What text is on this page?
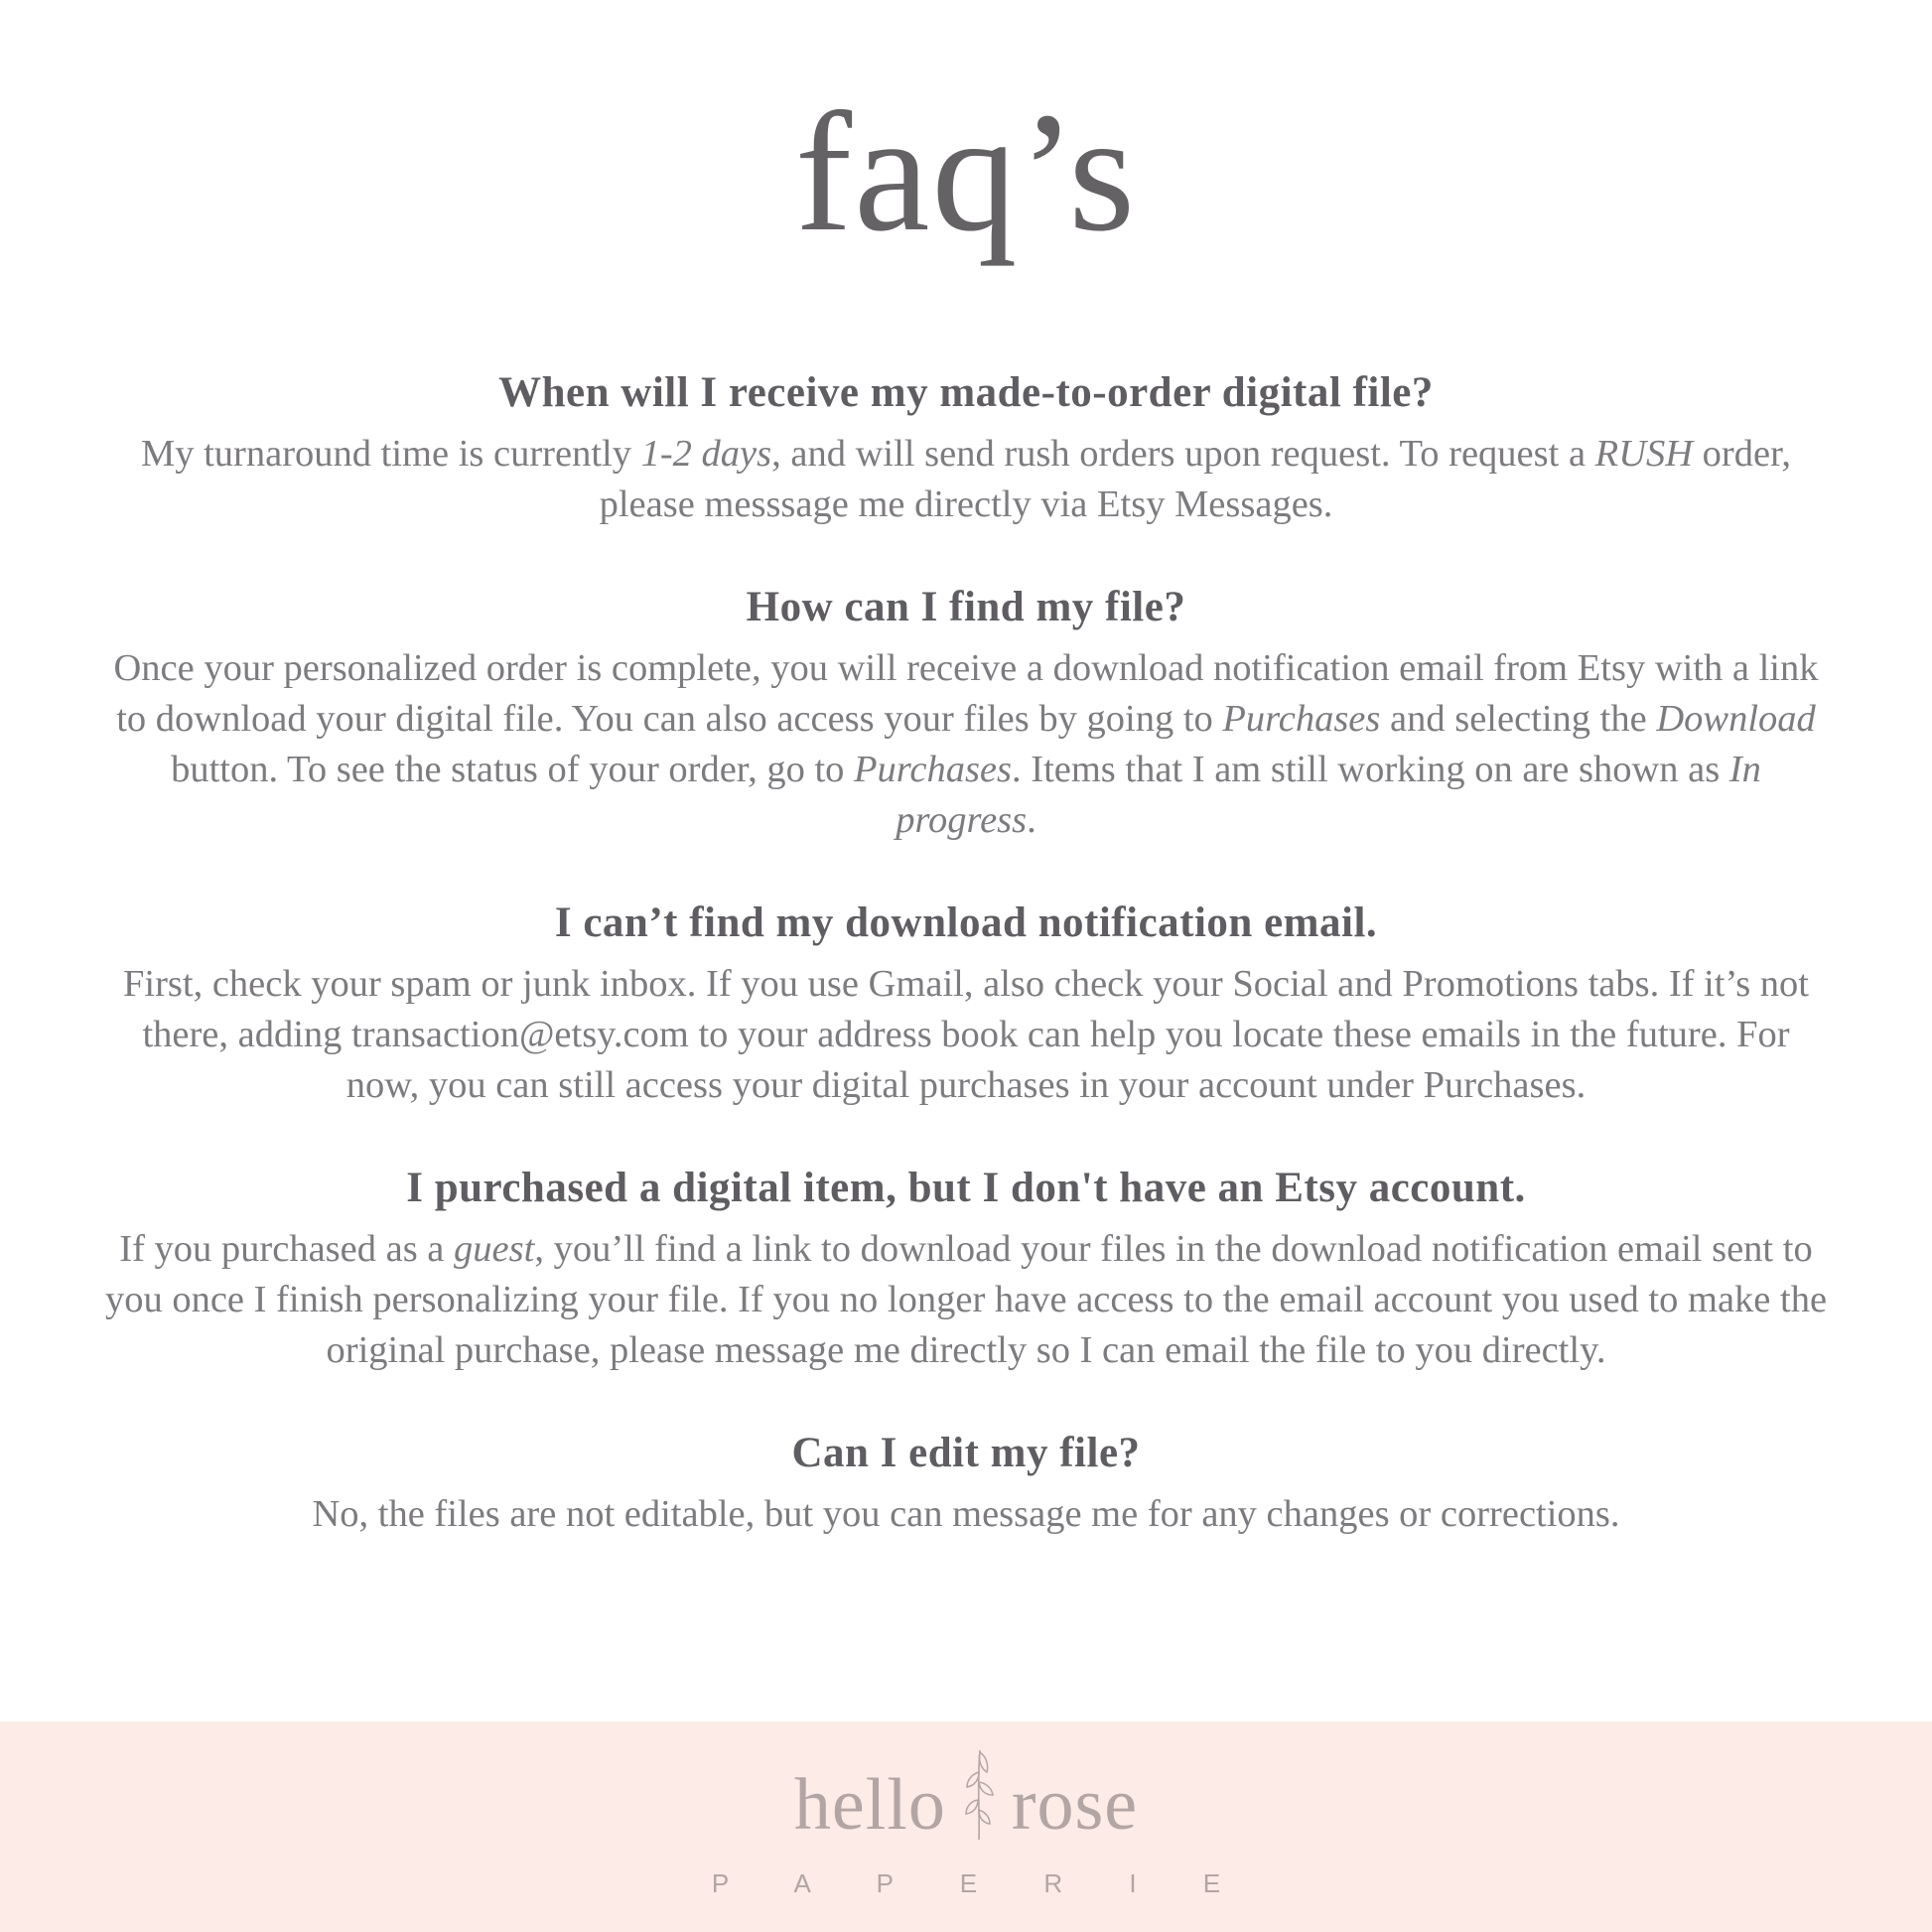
faq’s
When will I receive my made-to-order digital file?

My turnaround time is currently 1-2 days, and will send rush orders upon request. To request a RUSH order, please messsage me directly via Etsy Messages.

How can I find my file?

Once your personalized order is complete, you will receive a download notification email from Etsy with a link to download your digital file. You can also access your files by going to Purchases and selecting the Download button. To see the status of your order, go to Purchases. Items that I am still working on are shown as In progress.

I can’t find my download notification email.

First, check your spam or junk inbox. If you use Gmail, also check your Social and Promotions tabs. If it’s not there, adding transaction@etsy.com to your address book can help you locate these emails in the future. For now, you can still access your digital purchases in your account under Purchases.

I purchased a digital item, but I don't have an Etsy account.

If you purchased as a guest, you’ll find a link to download your files in the download notification email sent to you once I finish personalizing your file. If you no longer have access to the email account you used to make the original purchase, please message me directly so I can email the file to you directly.

Can I edit my file?

No, the files are not editable, but you can message me for any changes or corrections.

hello rose
P A P E R I E
